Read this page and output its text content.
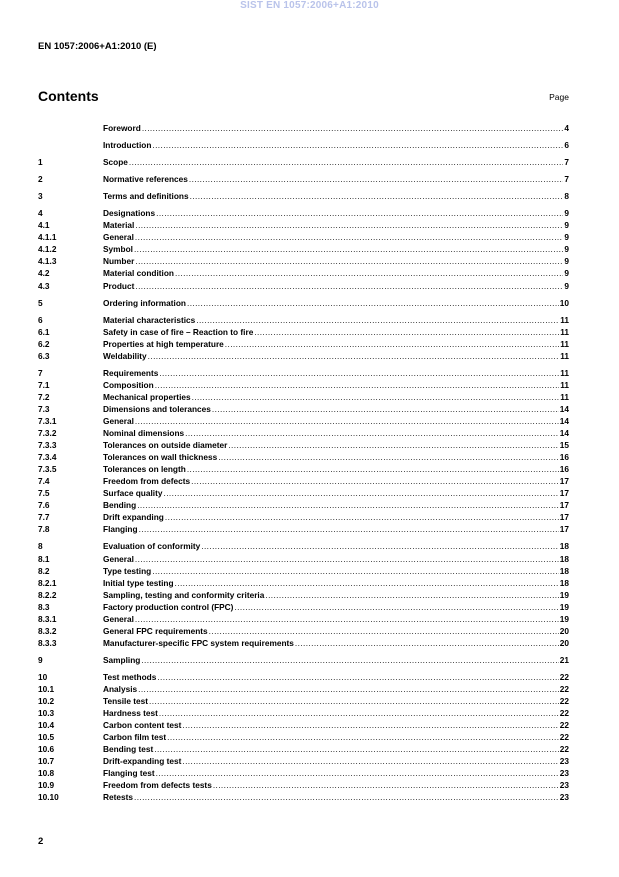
SIST EN 1057:2006+A1:2010
EN 1057:2006+A1:2010 (E)
Contents	Page
Foreword .....	4
Introduction .....	6
1	Scope .....	7
2	Normative references .....	7
3	Terms and definitions .....	8
4	Designations .....	9
4.1	Material .....	9
4.1.1	General .....	9
4.1.2	Symbol .....	9
4.1.3	Number .....	9
4.2	Material condition .....	9
4.3	Product .....	9
5	Ordering information .....	10
6	Material characteristics .....	11
6.1	Safety in case of fire – Reaction to fire .....	11
6.2	Properties at high temperature .....	11
6.3	Weldability .....	11
7	Requirements .....	11
7.1	Composition .....	11
7.2	Mechanical properties .....	11
7.3	Dimensions and tolerances .....	14
7.3.1	General .....	14
7.3.2	Nominal dimensions .....	14
7.3.3	Tolerances on outside diameter .....	15
7.3.4	Tolerances on wall thickness .....	16
7.3.5	Tolerances on length .....	16
7.4	Freedom from defects .....	17
7.5	Surface quality .....	17
7.6	Bending .....	17
7.7	Drift expanding .....	17
7.8	Flanging .....	17
8	Evaluation of conformity .....	18
8.1	General .....	18
8.2	Type testing .....	18
8.2.1	Initial type testing .....	18
8.2.2	Sampling, testing and conformity criteria .....	19
8.3	Factory production control (FPC) .....	19
8.3.1	General .....	19
8.3.2	General FPC requirements .....	20
8.3.3	Manufacturer-specific FPC system requirements .....	20
9	Sampling .....	21
10	Test methods .....	22
10.1	Analysis .....	22
10.2	Tensile test .....	22
10.3	Hardness test .....	22
10.4	Carbon content test .....	22
10.5	Carbon film test .....	22
10.6	Bending test .....	22
10.7	Drift-expanding test .....	23
10.8	Flanging test .....	23
10.9	Freedom from defects tests .....	23
10.10	Retests .....	23
2
